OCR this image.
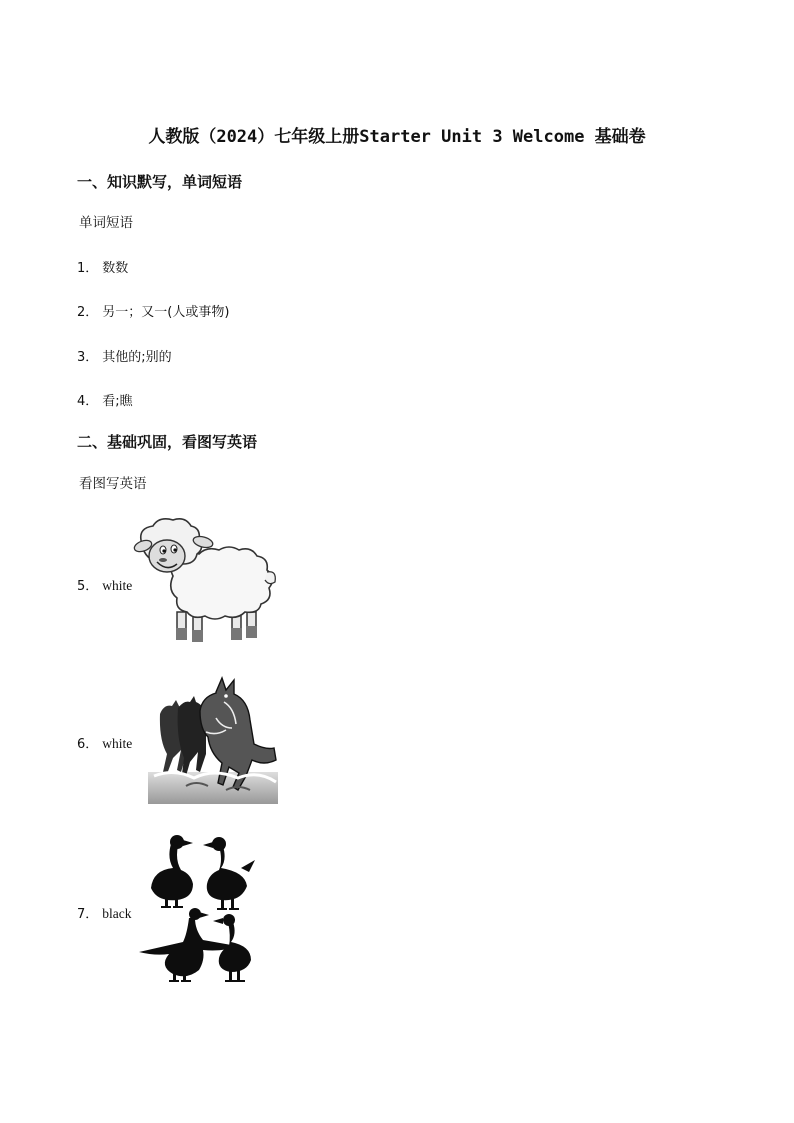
人教版（2024）七年级上册Starter Unit 3 Welcome 基础卷
一、知识默写，单词短语
单词短语
1． 数数
2． 另一；又一(人或事物)
3． 其他的;别的
4． 看;瞧
二、基础巩固，看图写英语
看图写英语
5． white
6． white
7． black
